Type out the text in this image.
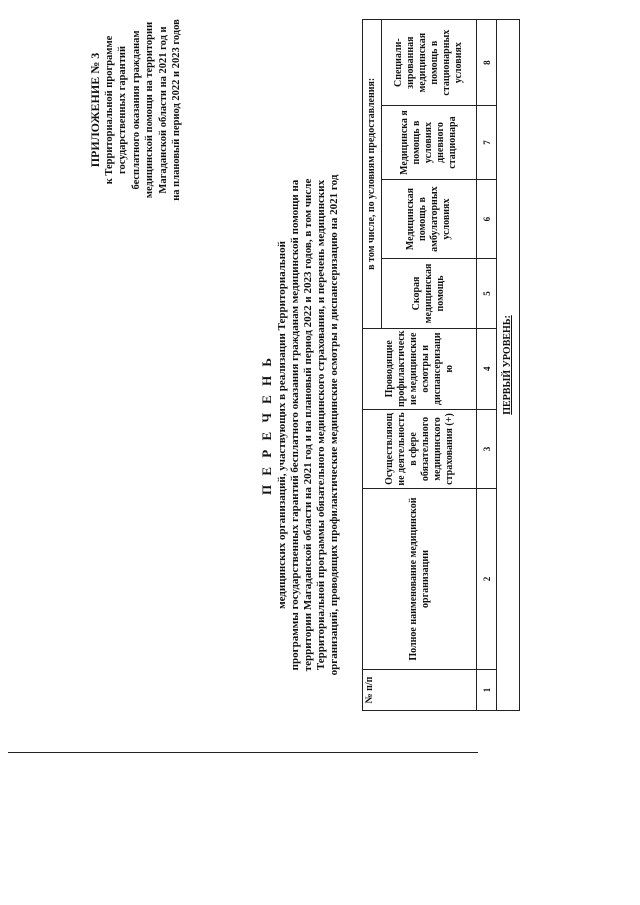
ПРИЛОЖЕНИЕ № 3 к Территориальной программе государственных гарантий бесплатного оказания гражданам медицинской помощи на территории Магаданской области на 2021 год и на плановый период 2022 и 2023 годов
П Е Р Е Ч Е Н Ь медицинских организаций, участвующих в реализации Территориальной программы государственных гарантий бесплатного оказания гражданам медицинской помощи на территории Магаданской области на 2021 год и на плановый период 2022 и 2023 годов, в том числе Территориальной программы обязательного медицинского страхования, и перечень медицинских организаций, проводящих профилактические медицинские осмотры и диспансеризацию на 2021 год
№ п/п	Полное наименование медицинской организации	Осуществляющ ие деятельность в сфере обязательного медицинского страхования (+)	Проводящие профилактическ ие медицинские осмотры и диспансеризаци ю	в том числе, по условиям предоставления:			
				Скорая медицинская помощь	Медицинская помощь в амбулаторных условиях	Медицинска я помощь в условиях дневного стационара	Специали- зированная медицинская помощь в стационарных условиях
1	2	3	4	5	6	7	8
ПЕРВЫЙ УРОВЕНЬ:							
